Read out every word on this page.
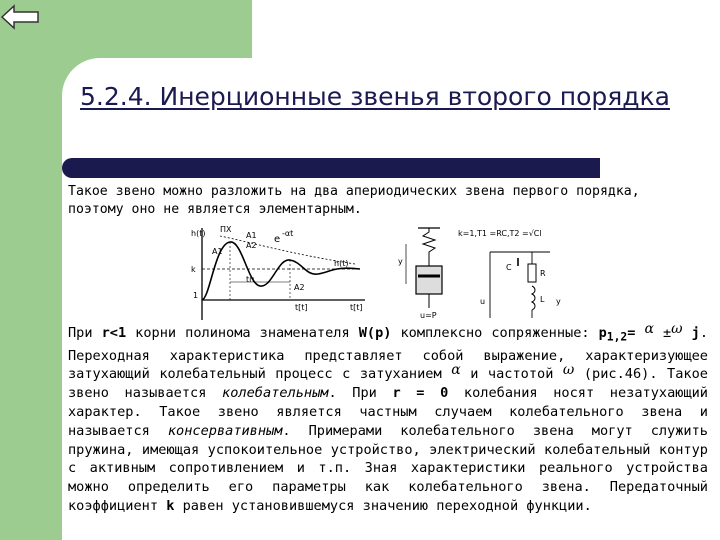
5.2.4. Инерционные звенья второго порядка

Такое звено можно разложить на два апериодических звена первого порядка, поэтому оно не является элементарным.

h(t) ПХ
A1
A2
e
-αt
A1
h(t)
k
tп
A2
1
t[t]
t[t]
y
u=P
k=1,T1 =RC,T2 =√Cl
C
R
L
u	y

При r<1 корни полинома знаменателя W(p) комплексно сопряженные: $p_{1,2}= \alpha \pm\omega$ j. Переходная характеристика представляет собой выражение, характеризующее затухающий колебательный процесс с затуханием α и частотой ω (рис.46). Такое звено называется колебательным. При r = 0 колебания носят незатухающий характер. Такое звено является частным случаем колебательного звена и называется консервативным. Примерами колебательного звена могут служить пружина, имеющая успокоительное устройство, электрический колебательный контур с активным сопротивлением и т.п. Зная характеристики реального устройства можно определить его параметры как колебательного звена. Передаточный коэффициент k равен установившемуся значению переходной функции.
